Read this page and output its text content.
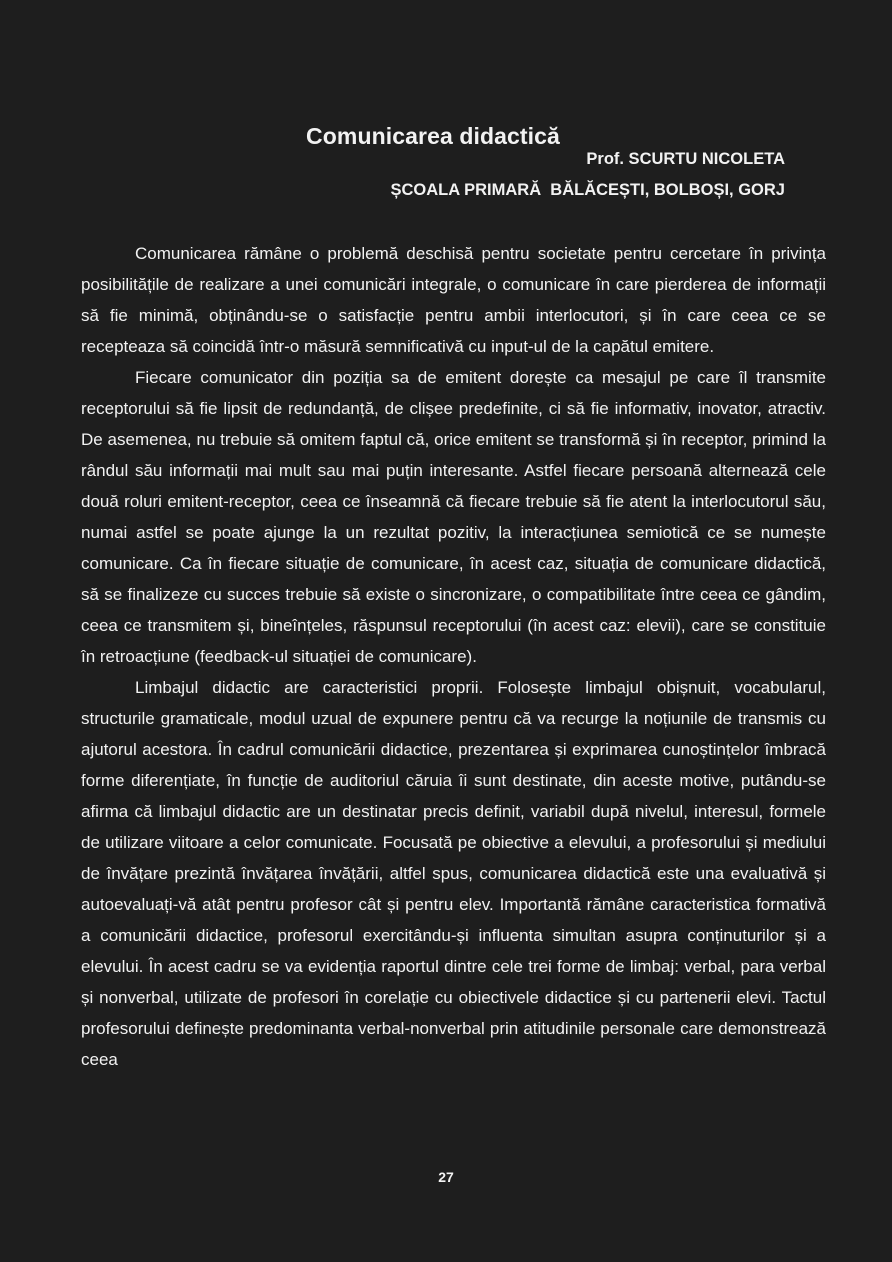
Comunicarea didactică
Prof. SCURTU NICOLETA
ȘCOALA PRIMARĂ  BĂLĂCEȘTI, BOLBOȘI, GORJ

Comunicarea rămâne o problemă deschisă pentru societate pentru cercetare în privința posibilitățile de realizare a unei comunicări integrale, o comunicare în care pierderea de informații să fie minimă, obținându-se o satisfacție pentru ambii interlocutori, și în care ceea ce se recepteaza să coincidă într-o măsură semnificativă cu input-ul de la capătul emitere.

Fiecare comunicator din poziția sa de emitent dorește ca mesajul pe care îl transmite receptorului să fie lipsit de redundanță, de clișee predefinite, ci să fie informativ, inovator, atractiv. De asemenea, nu trebuie să omitem faptul că, orice emitent se transformă și în receptor, primind la rândul său informații mai mult sau mai puțin interesante. Astfel fiecare persoană alternează cele două roluri emitent-receptor, ceea ce înseamnă că fiecare trebuie să fie atent la interlocutorul său, numai astfel se poate ajunge la un rezultat pozitiv, la interacțiunea semiotică ce se numește comunicare. Ca în fiecare situație de comunicare, în acest caz, situația de comunicare didactică, să se finalizeze cu succes trebuie să existe o sincronizare, o compatibilitate între ceea ce gândim, ceea ce transmitem și, bineînțeles, răspunsul receptorului (în acest caz: elevii), care se constituie în retroacțiune (feedback-ul situației de comunicare).

Limbajul didactic are caracteristici proprii. Folosește limbajul obișnuit, vocabularul, structurile gramaticale, modul uzual de expunere pentru că va recurge la noțiunile de transmis cu ajutorul acestora. În cadrul comunicării didactice, prezentarea și exprimarea cunoștințelor îmbracă forme diferențiate, în funcție de auditoriul căruia îi sunt destinate, din aceste motive, putându-se afirma că limbajul didactic are un destinatar precis definit, variabil după nivelul, interesul, formele de utilizare viitoare a celor comunicate. Focusată pe obiective a elevului, a profesorului și mediului de învățare prezintă învățarea învățării, altfel spus, comunicarea didactică este una evaluativă și autoevaluați-vă atât pentru profesor cât și pentru elev. Importantă rămâne caracteristica formativă a comunicării didactice, profesorul exercitându-și influenta simultan asupra conținuturilor și a elevului. În acest cadru se va evidenția raportul dintre cele trei forme de limbaj: verbal, para verbal și nonverbal, utilizate de profesori în corelație cu obiectivele didactice și cu partenerii elevi. Tactul profesorului definește predominanta verbal-nonverbal prin atitudinile personale care demonstrează ceea

27
